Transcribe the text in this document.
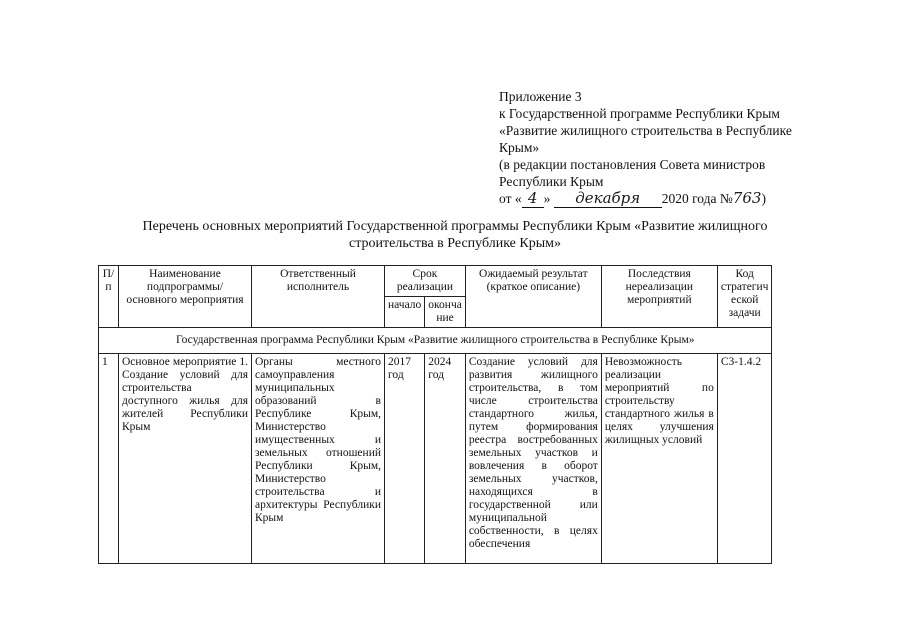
Приложение 3
к Государственной программе Республики Крым
«Развитие жилищного строительства в Республике
Крым»
(в редакции постановления Совета министров
Республики Крым
от « 4 » декабря 2020 года №763)
Перечень основных мероприятий Государственной программы Республики Крым «Развитие жилищного строительства в Республике Крым»
П/п	Наименование подпрограммы/основного мероприятия	Ответственный исполнитель	Срок реализации		Ожидаемый результат (краткое описание)	Последствия нереализации мероприятий	Код стратегич еской задачи
			начало	оконча ние			
Государственная программа Республики Крым «Развитие жилищного строительства в Республике Крым»							
1	Основное мероприятие 1. Создание условий для строительства доступного жилья для жителей Республики Крым	Органы местного самоуправления муниципальных образований в Республике Крым, Министерство имущественных и земельных отношений Республики Крым, Министерство строительства и архитектуры Республики Крым	2017 год	2024 год	Создание условий для развития жилищного строительства, в том числе строительства стандартного жилья, путем формирования реестра востребованных земельных участков и вовлечения в оборот земельных участков, находящихся в государственной или муниципальной собственности, в целях обеспечения	Невозможность реализации мероприятий по строительству стандартного жилья в целях улучшения жилищных условий	С3-1.4.2
